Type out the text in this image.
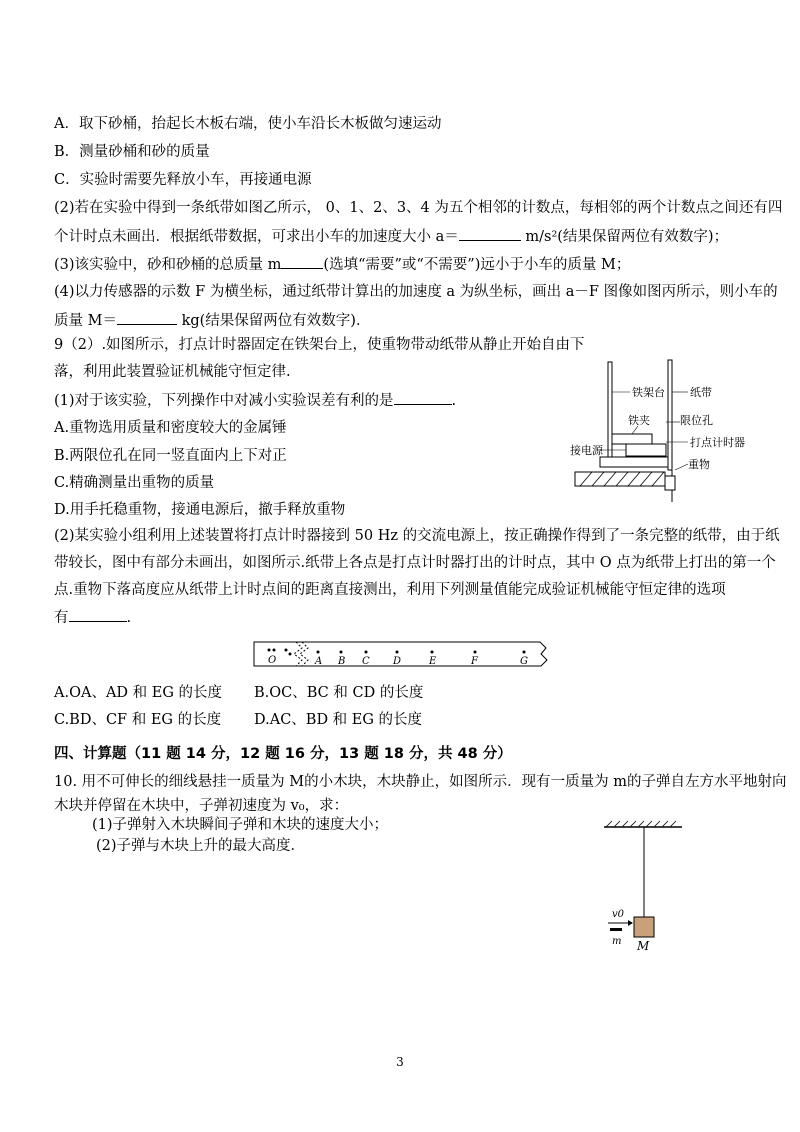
A．取下砂桶，抬起长木板右端，使小车沿长木板做匀速运动
B．测量砂桶和砂的质量
C．实验时需要先释放小车，再接通电源
(2)若在实验中得到一条纸带如图乙所示， 0、1、2、3、4 为五个相邻的计数点，每相邻的两个计数点之间还有四
个计时点未画出．根据纸带数据，可求出小车的加速度大小 a＝	m/s²(结果保留两位有效数字)；
(3)该实验中，砂和砂桶的总质量 m	(选填“需要”或“不需要”)远小于小车的质量 M；
(4)以力传感器的示数 F 为横坐标，通过纸带计算出的加速度 a 为纵坐标，画出 a－F 图像如图丙所示，则小车的
质量 M＝	kg(结果保留两位有效数字)．
9（2）.如图所示，打点计时器固定在铁架台上，使重物带动纸带从静止开始自由下
落，利用此装置验证机械能守恒定律.
(1)对于该实验，下列操作中对减小实验误差有利的是	.
A.重物选用质量和密度较大的金属锤
B.两限位孔在同一竖直面内上下对正
C.精确测量出重物的质量
D.用手托稳重物，接通电源后，撤手释放重物
铁架台 纸带
铁夹	限位孔
打点计时器
接电源
重物
(2)某实验小组利用上述装置将打点计时器接到 50 Hz 的交流电源上，按正确操作得到了一条完整的纸带，由于纸
带较长，图中有部分未画出，如图所示.纸带上各点是打点计时器打出的计时点，其中 O 点为纸带上打出的第一个
点.重物下落高度应从纸带上计时点间的距离直接测出，利用下列测量值能完成验证机械能守恒定律的选项
有	.
O	A B C D	E	F	G
A.OA、AD 和 EG 的长度 B.OC、BC 和 CD 的长度
C.BD、CF 和 EG 的长度 D.AC、BD 和 EG 的长度
四、计算题（11 题 14 分，12 题 16 分，13 题 18 分，共 48 分）
10. 用不可伸长的细线悬挂一质量为 M的小木块，木块静止，如图所示．现有一质量为 m的子弹自左方水平地射向
木块并停留在木块中，子弹初速度为 v₀，求：
(1)子弹射入木块瞬间子弹和木块的速度大小；
(2)子弹与木块上升的最大高度．
v0
m M
3
